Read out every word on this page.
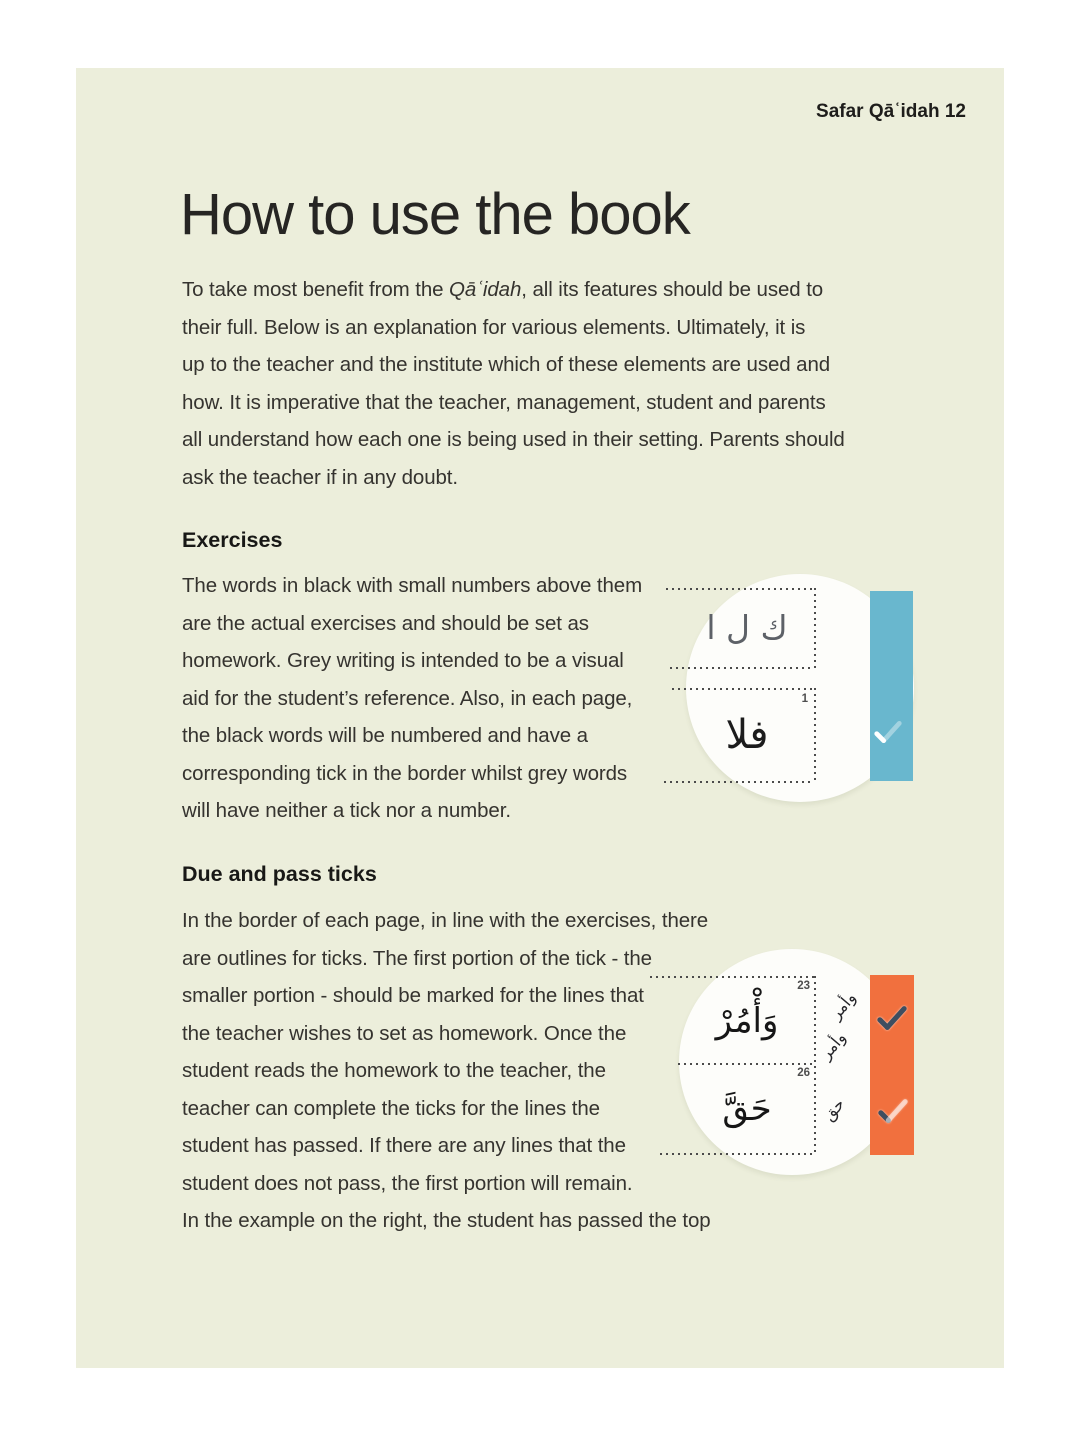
Safar Qāʿidah 12
How to use the book
To take most benefit from the Qāʿidah, all its features should be used to
their full. Below is an explanation for various elements. Ultimately, it is
up to the teacher and the institute which of these elements are used and
how. It is imperative that the teacher, management, student and parents
all understand how each one is being used in their setting. Parents should
ask the teacher if in any doubt.
Exercises
The words in black with small numbers above them
are the actual exercises and should be set as
homework. Grey writing is intended to be a visual
aid for the student’s reference. Also, in each page,
the black words will be numbered and have a
corresponding tick in the border whilst grey words
will have neither a tick nor a number.
Due and pass ticks
In the border of each page, in line with the exercises, there
are outlines for ticks. The first portion of the tick - the
smaller portion - should be marked for the lines that
the teacher wishes to set as homework. Once the
student reads the homework to the teacher, the
teacher can complete the ticks for the lines the
student has passed. If there are any lines that the
student does not pass, the first portion will remain.
In the example on the right, the student has passed the top
ك ل ا
فلا
1
وَأْمُرْ
23
حَقَّ
26
وأمر
وأمر
حق
